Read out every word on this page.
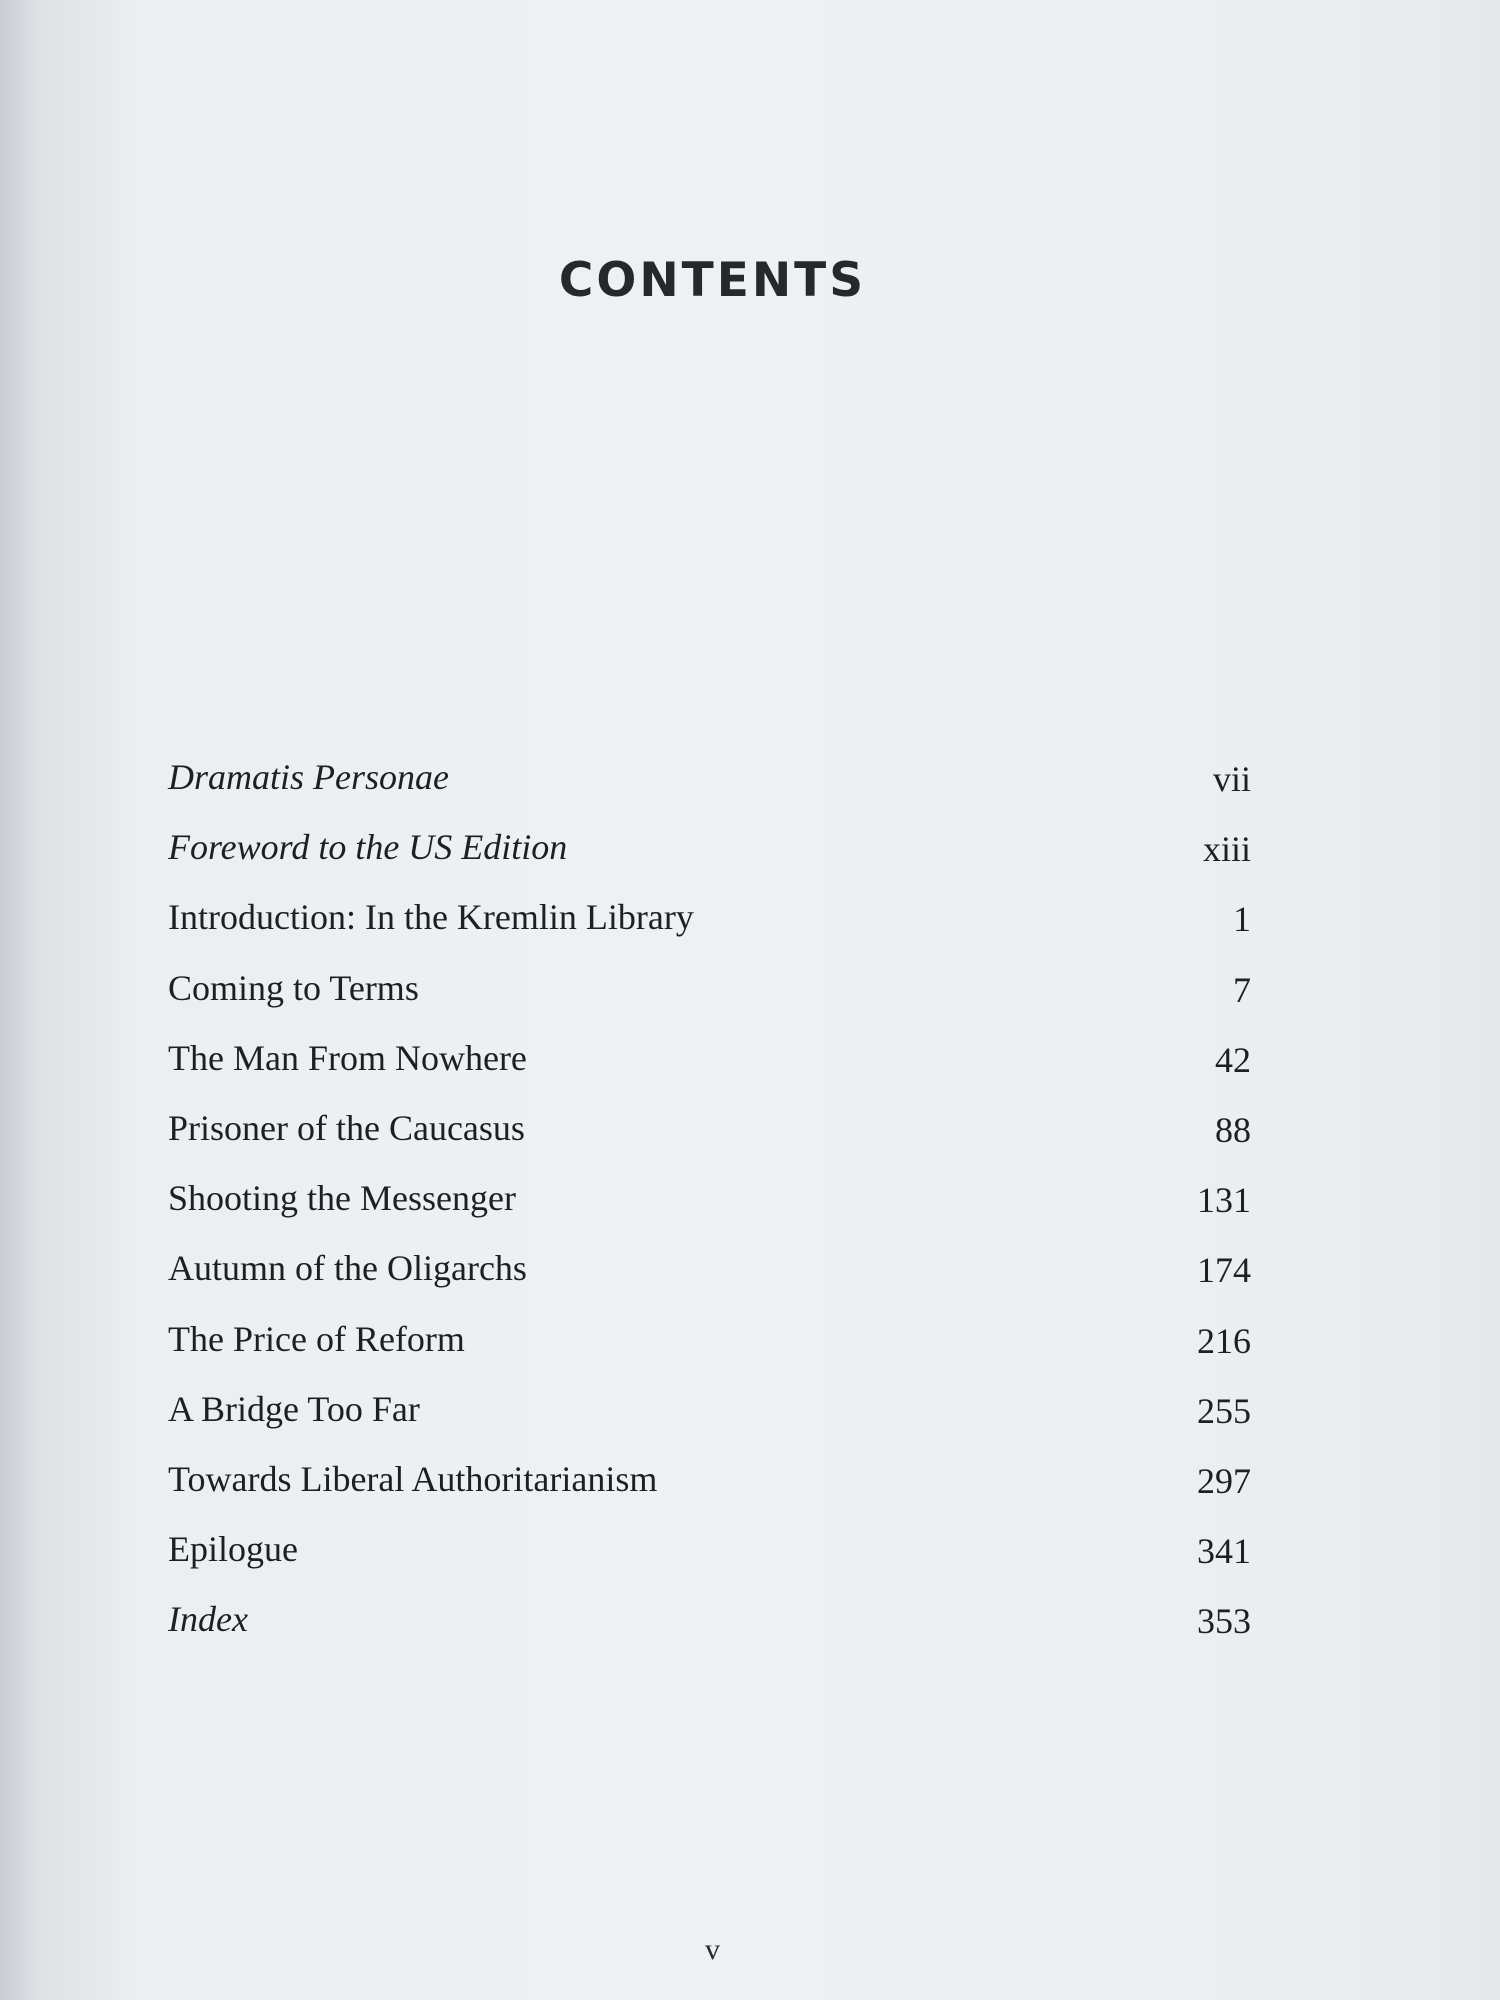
CONTENTS
Dramatis Personae	vii
Foreword to the US Edition	xiii
Introduction: In the Kremlin Library	1
Coming to Terms	7
The Man From Nowhere	42
Prisoner of the Caucasus	88
Shooting the Messenger	131
Autumn of the Oligarchs	174
The Price of Reform	216
A Bridge Too Far	255
Towards Liberal Authoritarianism	297
Epilogue	341
Index	353
v
